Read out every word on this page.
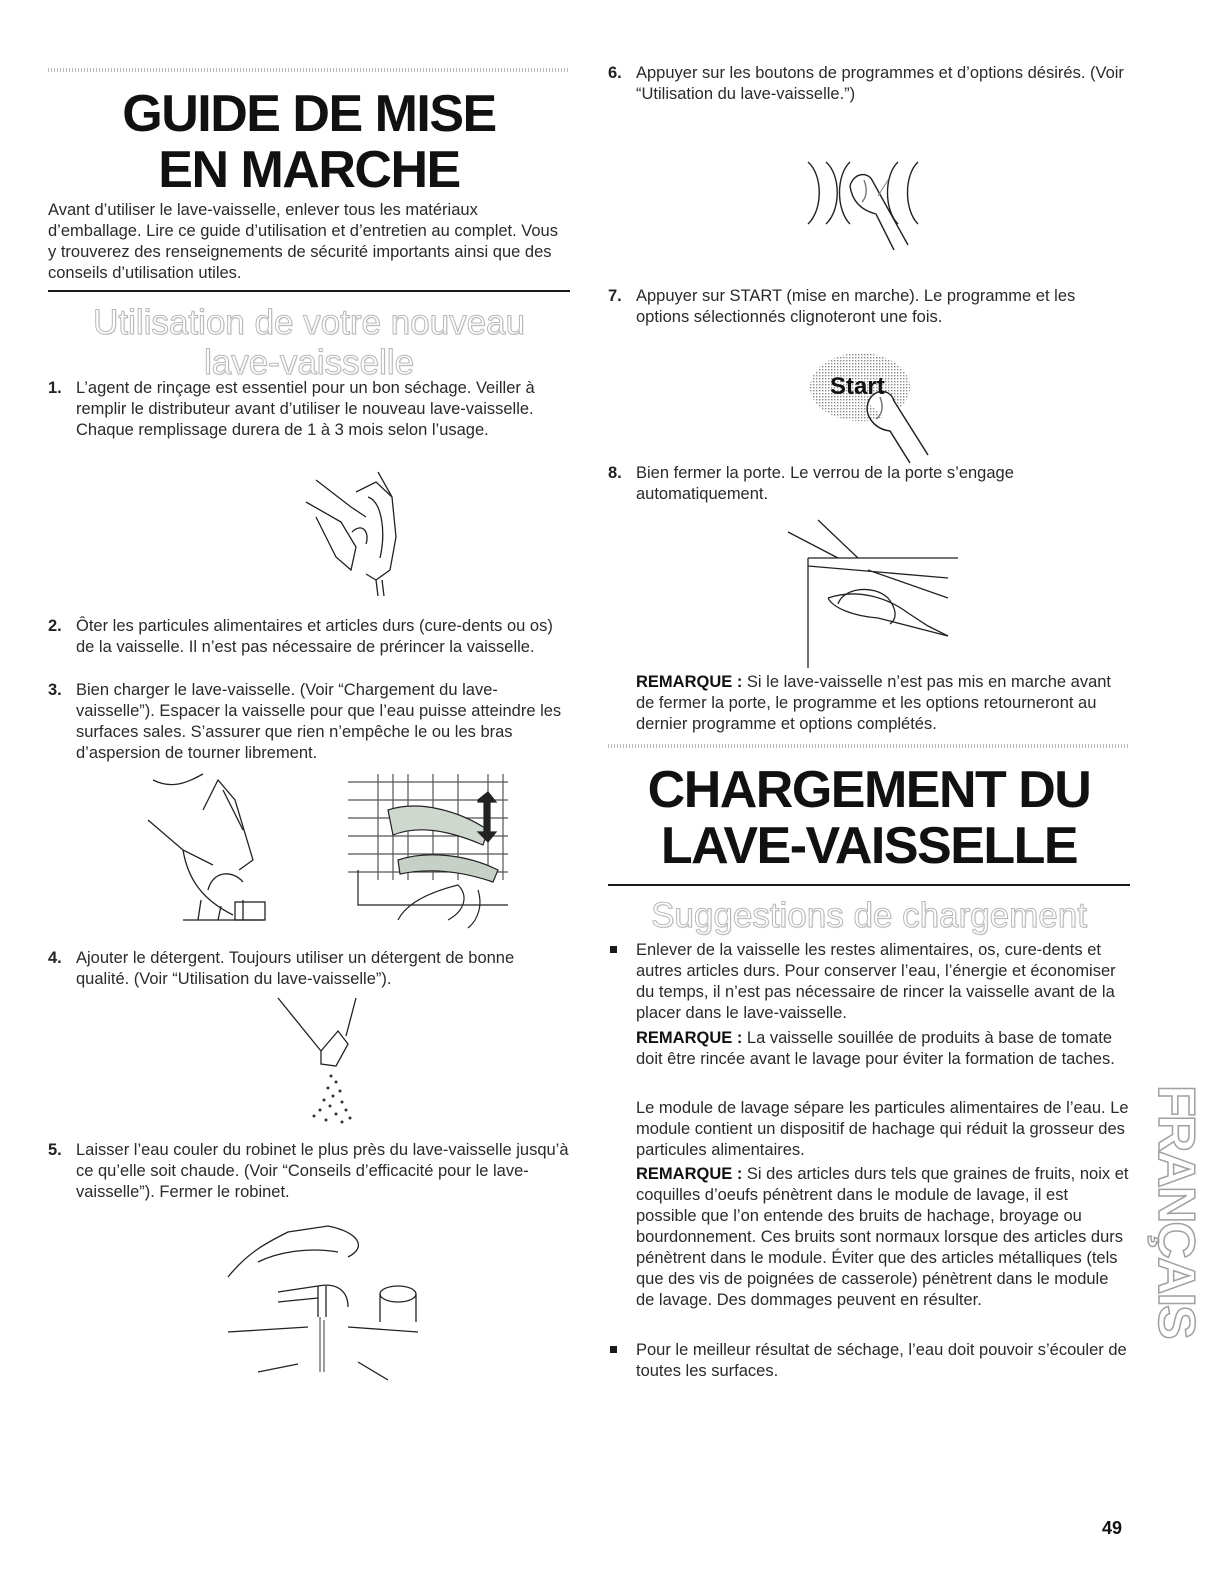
GUIDE DE MISE
EN MARCHE

Avant d’utiliser le lave-vaisselle, enlever tous les matériaux d’emballage. Lire ce guide d’utilisation et d’entretien au complet. Vous y trouverez des renseignements de sécurité importants ainsi que des conseils d’utilisation utiles.

Utilisation de votre nouveau
lave-vaisselle
1. L’agent de rinçage est essentiel pour un bon séchage. Veiller à remplir le distributeur avant d’utiliser le nouveau lave-vaisselle. Chaque remplissage durera de 1 à 3 mois selon l’usage.
2. Ôter les particules alimentaires et articles durs (cure-dents ou os) de la vaisselle. Il n’est pas nécessaire de prérincer la vaisselle.
3. Bien charger le lave-vaisselle. (Voir “Chargement du lave-vaisselle”). Espacer la vaisselle pour que l’eau puisse atteindre les surfaces sales. S’assurer que rien n’empêche le ou les bras d’aspersion de tourner librement.
4. Ajouter le détergent. Toujours utiliser un détergent de bonne qualité. (Voir “Utilisation du lave-vaisselle”).
5. Laisser l’eau couler du robinet le plus près du lave-vaisselle jusqu’à ce qu’elle soit chaude. (Voir “Conseils d’efficacité pour le lave-vaisselle”). Fermer le robinet.
6. Appuyer sur les boutons de programmes et d’options désirés. (Voir “Utilisation du lave-vaisselle.”)
7. Appuyer sur START (mise en marche). Le programme et les options sélectionnés clignoteront une fois.
Start
8. Bien fermer la porte. Le verrou de la porte s’engage automatiquement.

REMARQUE : Si le lave-vaisselle n’est pas mis en marche avant de fermer la porte, le programme et les options retourneront au dernier programme et options complétés.

CHARGEMENT DU
LAVE-VAISSELLE
Suggestions de chargement
Enlever de la vaisselle les restes alimentaires, os, cure-dents et autres articles durs. Pour conserver l’eau, l’énergie et économiser du temps, il n’est pas nécessaire de rincer la vaisselle avant de la placer dans le lave-vaisselle.

REMARQUE : La vaisselle souillée de produits à base de tomate doit être rincée avant le lavage pour éviter la formation de taches.

Le module de lavage sépare les particules alimentaires de l’eau. Le module contient un dispositif de hachage qui réduit la grosseur des particules alimentaires.

REMARQUE : Si des articles durs tels que graines de fruits, noix et coquilles d’oeufs pénètrent dans le module de lavage, il est possible que l’on entende des bruits de hachage, broyage ou bourdonnement. Ces bruits sont normaux lorsque des articles durs pénètrent dans le module. Éviter que des articles métalliques (tels que des vis de poignées de casserole) pénètrent dans le module de lavage. Des dommages peuvent en résulter.

Pour le meilleur résultat de séchage, l’eau doit pouvoir s’écouler de toutes les surfaces.
FRANÇAIS
49
